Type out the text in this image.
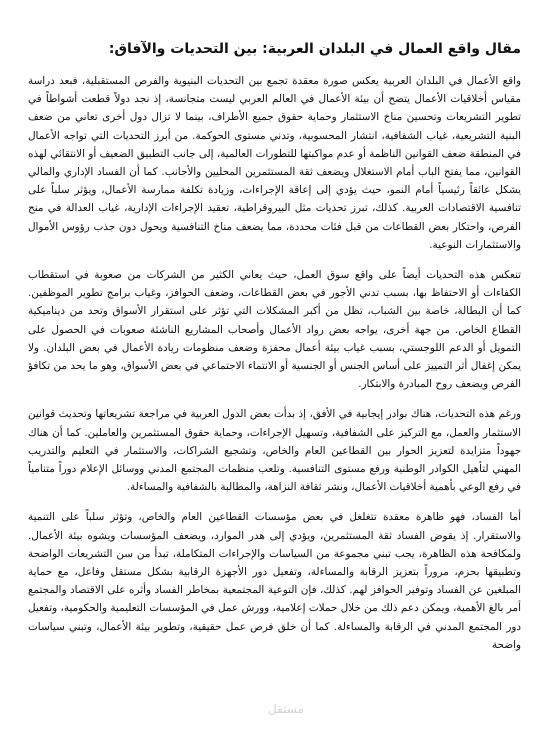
مقال واقع العمال في البلدان العربية: بين التحديات والآفاق:

واقع الأعمال في البلدان العربية يعكس صورة معقدة تجمع بين التحديات البنيوية والفرص المستقبلية، فبعد دراسة مقياس أخلاقيات الأعمال يتضح أن بيئة الأعمال في العالم العربي ليست متجانسة، إذ نجد دولاً قطعت أشواطاً في تطوير التشريعات وتحسين مناخ الاستثمار وحماية حقوق جميع الأطراف، بينما لا تزال دول أخرى تعاني من ضعف البنية التشريعية، غياب الشفافية، انتشار المحسوبية، وتدني مستوى الحوكمة. من أبرز التحديات التي تواجه الأعمال في المنطقة ضعف القوانين الناظمة أو عدم مواكبتها للتطورات العالمية، إلى جانب التطبيق الضعيف أو الانتقائي لهذه القوانين، مما يفتح الباب أمام الاستغلال ويضعف ثقة المستثمرين المحليين والأجانب. كما أن الفساد الإداري والمالي يشكل عائقاً رئيسياً أمام النمو، حيث يؤدي إلى إعاقة الإجراءات، وزيادة تكلفة ممارسة الأعمال، ويؤثر سلباً على تنافسية الاقتصادات العربية. كذلك، تبرز تحديات مثل البيروقراطية، تعقيد الإجراءات الإدارية، غياب العدالة في منح الفرص، واحتكار بعض القطاعات من قبل فئات محددة، مما يضعف مناخ التنافسية ويحول دون جذب رؤوس الأموال والاستثمارات النوعية.

تنعكس هذه التحديات أيضاً على واقع سوق العمل، حيث يعاني الكثير من الشركات من صعوبة في استقطاب الكفاءات أو الاحتفاظ بها، بسبب تدني الأجور في بعض القطاعات، وضعف الحوافز، وغياب برامج تطوير الموظفين. كما أن البطالة، خاصة بين الشباب، تظل من أكبر المشكلات التي تؤثر على استقرار الأسواق وتحد من ديناميكية القطاع الخاص. من جهة أخرى، يواجه بعض رواد الأعمال وأصحاب المشاريع الناشئة صعوبات في الحصول على التمويل أو الدعم اللوجستي، بسبب غياب بيئة أعمال محفزة وضعف منظومات ريادة الأعمال في بعض البلدان. ولا يمكن إغفال أثر التمييز على أساس الجنس أو الجنسية أو الانتماء الاجتماعي في بعض الأسواق، وهو ما يحد من تكافؤ الفرص ويضعف روح المبادرة والابتكار.

ورغم هذه التحديات، هناك بوادر إيجابية في الأفق، إذ بدأت بعض الدول العربية في مراجعة تشريعاتها وتحديث قوانين الاستثمار والعمل، مع التركيز على الشفافية، وتسهيل الإجراءات، وحماية حقوق المستثمرين والعاملين. كما أن هناك جهوداً متزايدة لتعزيز الحوار بين القطاعين العام والخاص، وتشجيع الشراكات، والاستثمار في التعليم والتدريب المهني لتأهيل الكوادر الوطنية ورفع مستوى التنافسية. وتلعب منظمات المجتمع المدني ووسائل الإعلام دوراً متنامياً في رفع الوعي بأهمية أخلاقيات الأعمال، ونشر ثقافة النزاهة، والمطالبة بالشفافية والمساءلة.

أما الفساد، فهو ظاهرة معقدة تتغلغل في بعض مؤسسات القطاعين العام والخاص، وتؤثر سلباً على التنمية والاستقرار. إذ يقوض الفساد ثقة المستثمرين، ويؤدي إلى هدر الموارد، ويضعف المؤسسات ويشوه بيئة الأعمال. ولمكافحة هذه الظاهرة، يجب تبني مجموعة من السياسات والإجراءات المتكاملة، تبدأ من سن التشريعات الواضحة وتطبيقها بحزم، مروراً بتعزيز الرقابة والمساءلة، وتفعيل دور الأجهزة الرقابية بشكل مستقل وفاعل، مع حماية المبلغين عن الفساد وتوفير الحوافز لهم. كذلك، فإن التوعية المجتمعية بمخاطر الفساد وأثره على الاقتصاد والمجتمع أمر بالغ الأهمية، ويمكن دعم ذلك من خلال حملات إعلامية، وورش عمل في المؤسسات التعليمية والحكومية، وتفعيل دور المجتمع المدني في الرقابة والمساءلة. كما أن خلق فرص عمل حقيقية، وتطوير بيئة الأعمال، وتبني سياسات واضحة

مستقل
